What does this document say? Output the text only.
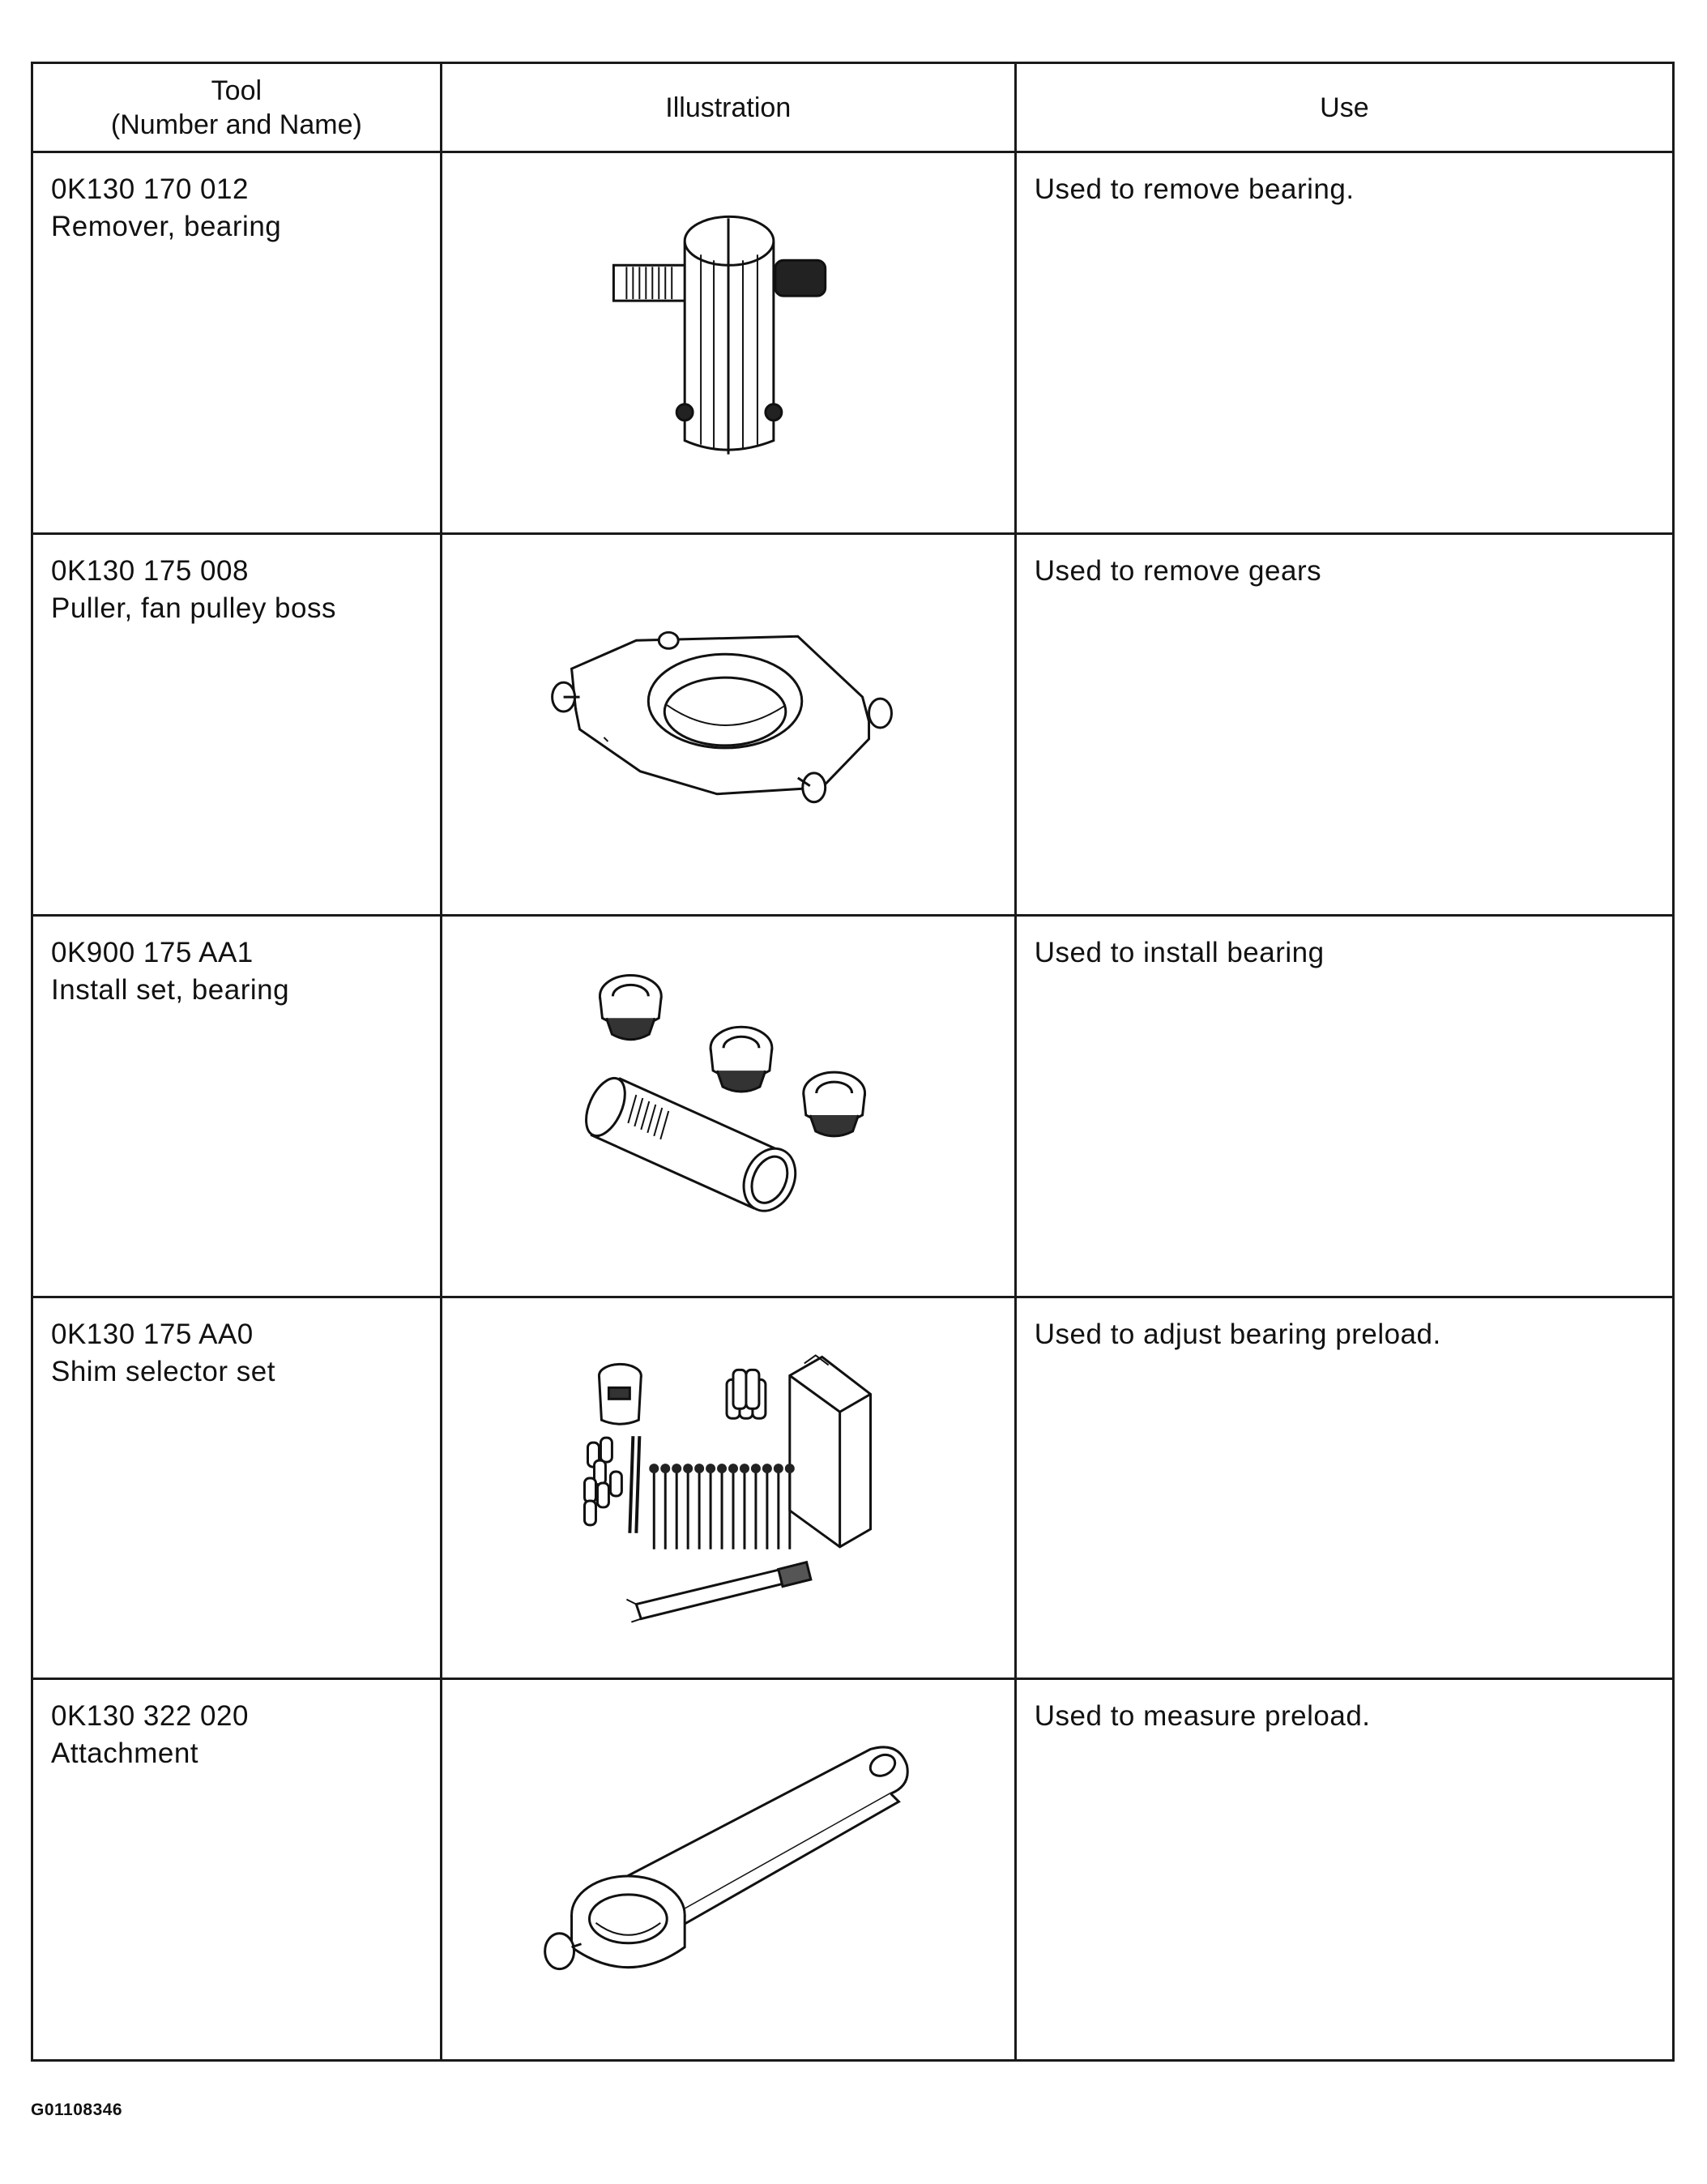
Tool
(Number and Name)	Illustration	Use

0K130 170 012
Remover, bearing		Used to remove bearing.

0K130 175 008
Puller, fan pulley boss		Used to remove gears

0K900 175 AA1
Install set, bearing		Used to install bearing

0K130 175 AA0
Shim selector set		Used to adjust bearing preload.

0K130 322 020
Attachment		Used to measure preload.
G01108346
